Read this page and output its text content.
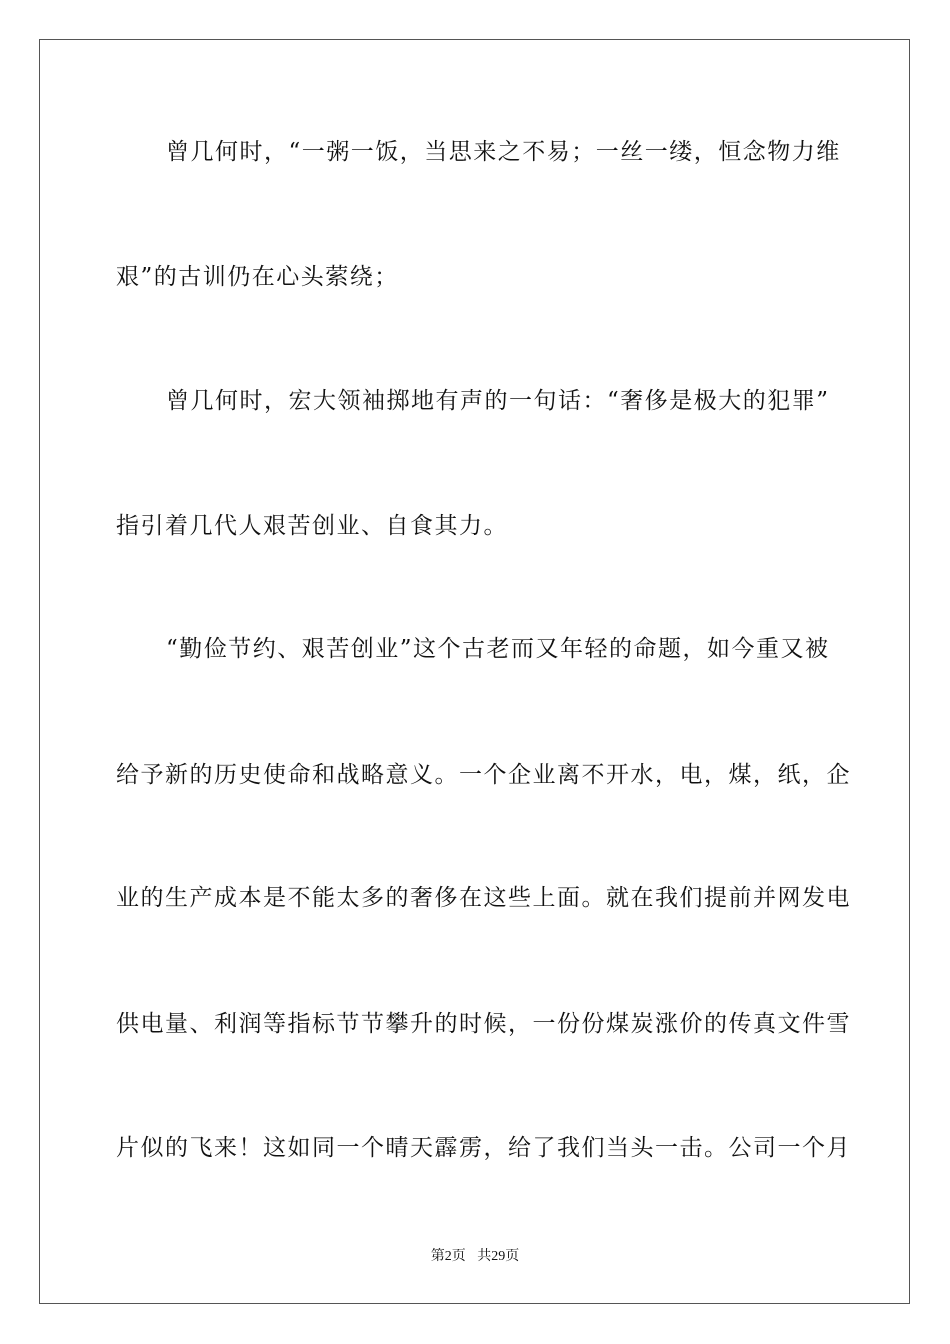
曾几何时，“一粥一饭，当思来之不易；一丝一缕，恒念物力维
艰”的古训仍在心头萦绕；
曾几何时，宏大领袖掷地有声的一句话：“奢侈是极大的犯罪”
指引着几代人艰苦创业、自食其力。
“勤俭节约、艰苦创业”这个古老而又年轻的命题，如今重又被
给予新的历史使命和战略意义。一个企业离不开水，电，煤，纸，企
业的生产成本是不能太多的奢侈在这些上面。就在我们提前并网发电
供电量、利润等指标节节攀升的时候，一份份煤炭涨价的传真文件雪
片似的飞来！这如同一个晴天霹雳，给了我们当头一击。公司一个月
第2页 共29页
